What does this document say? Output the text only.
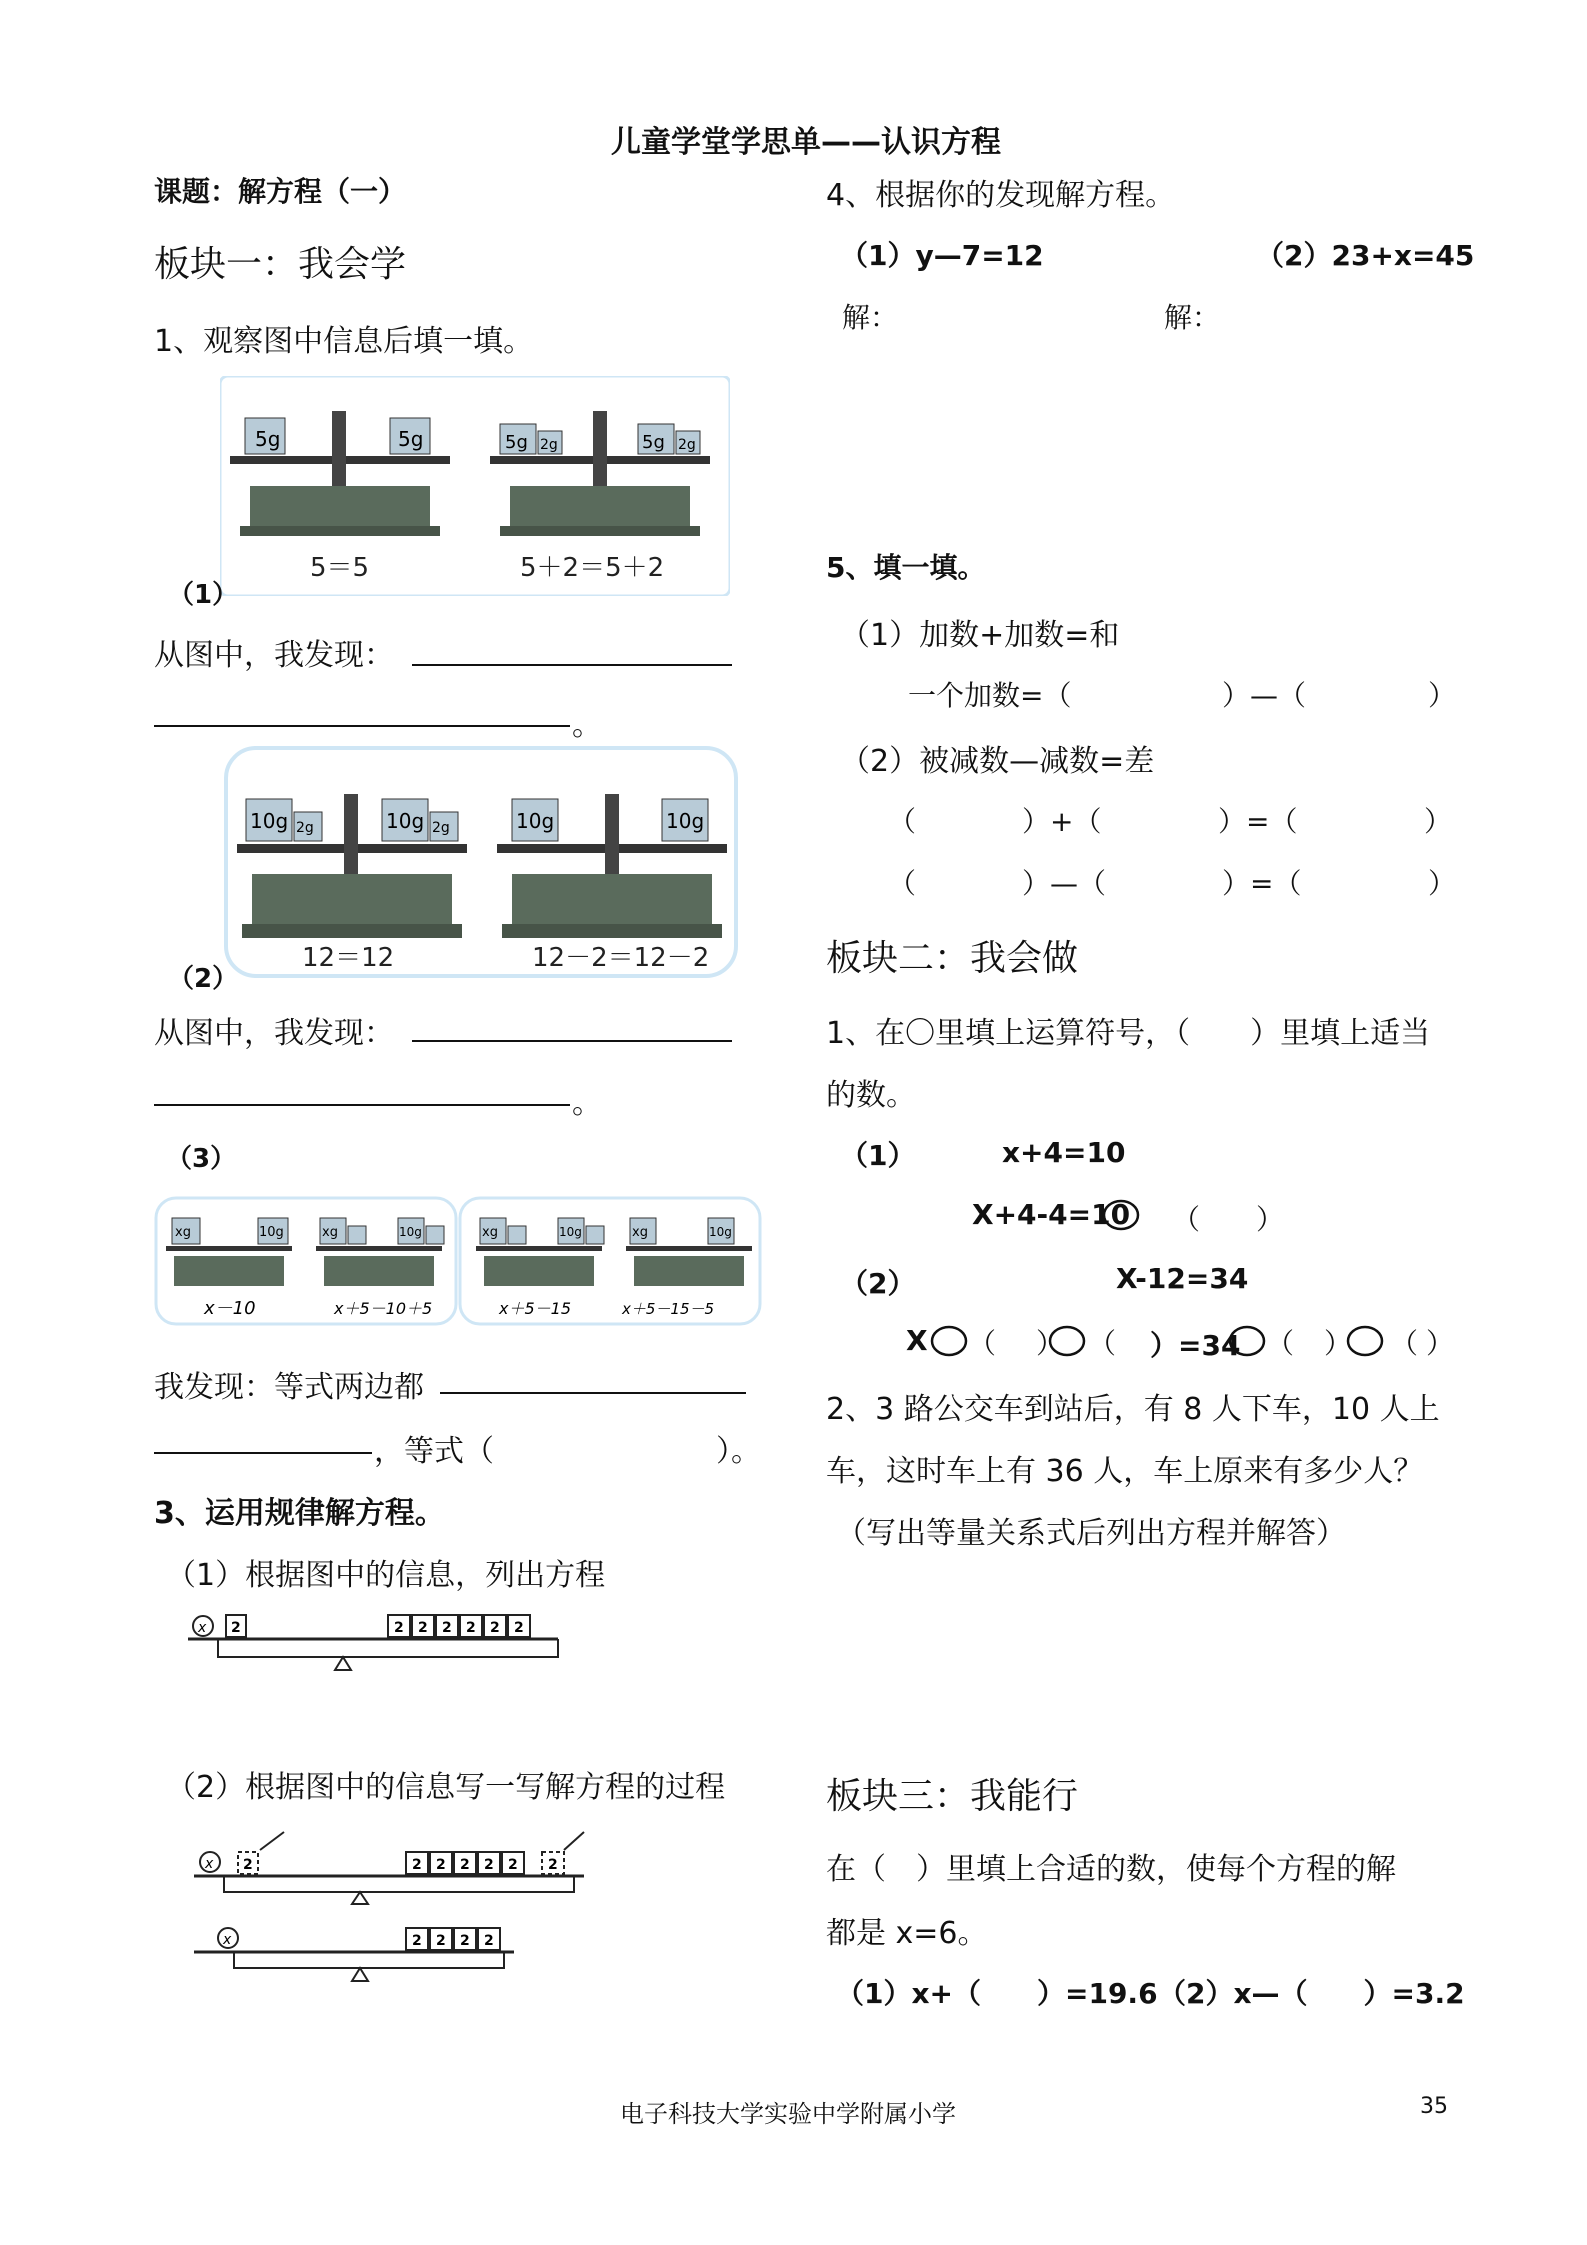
儿童学堂学思单——认识方程
课题：解方程（一）
板块一：我会学
1、观察图中信息后填一填。
5g	5g	5g 2g	5g 2g
5＝5	5＋2＝5＋2
（1）
从图中，我发现：
。
10g 2g	10g 2g	10g	10g
12＝12	12－2＝12－2
（2）
从图中，我发现：
。
（3）
xg	10g
x－10
xg	10g
x＋5－10＋5
xg	10g
x＋5－15
xg	10g
x＋5－15－5
我发现：等式两边都
，等式（	）。
3、运用规律解方程。
（1）根据图中的信息，列出方程
x 2	2 2 2 2 2 2
（2）根据图中的信息写一写解方程的过程
x 2	2 2 2 2 2 2
x	2 2 2 2
4、根据你的发现解方程。
（1）y—7=12	（2）23+x=45
解：	解：
5、填一填。
（1）加数+加数=和
一个加数=（	）—（	）
（2）被减数—减数=差
（	）+（	）=（	）
（	）—（	）=（	）
板块二：我会做
1、在〇里填上运算符号，（　　）里填上适当
的数。
（1）	x+4=10
X+4-4=10 （　　）
（2）	X-12=34
X （ ） （ ）=34 （ ） （ ）
2、3 路公交车到站后，有 8 人下车，10 人上
车，这时车上有 36 人，车上原来有多少人？
（写出等量关系式后列出方程并解答）
板块三：我能行
在（　）里填上合适的数，使每个方程的解
都是 x=6。
（1）x+（　　）=19.6 （2）x—（　　）=3.2
电子科技大学实验中学附属小学	35
